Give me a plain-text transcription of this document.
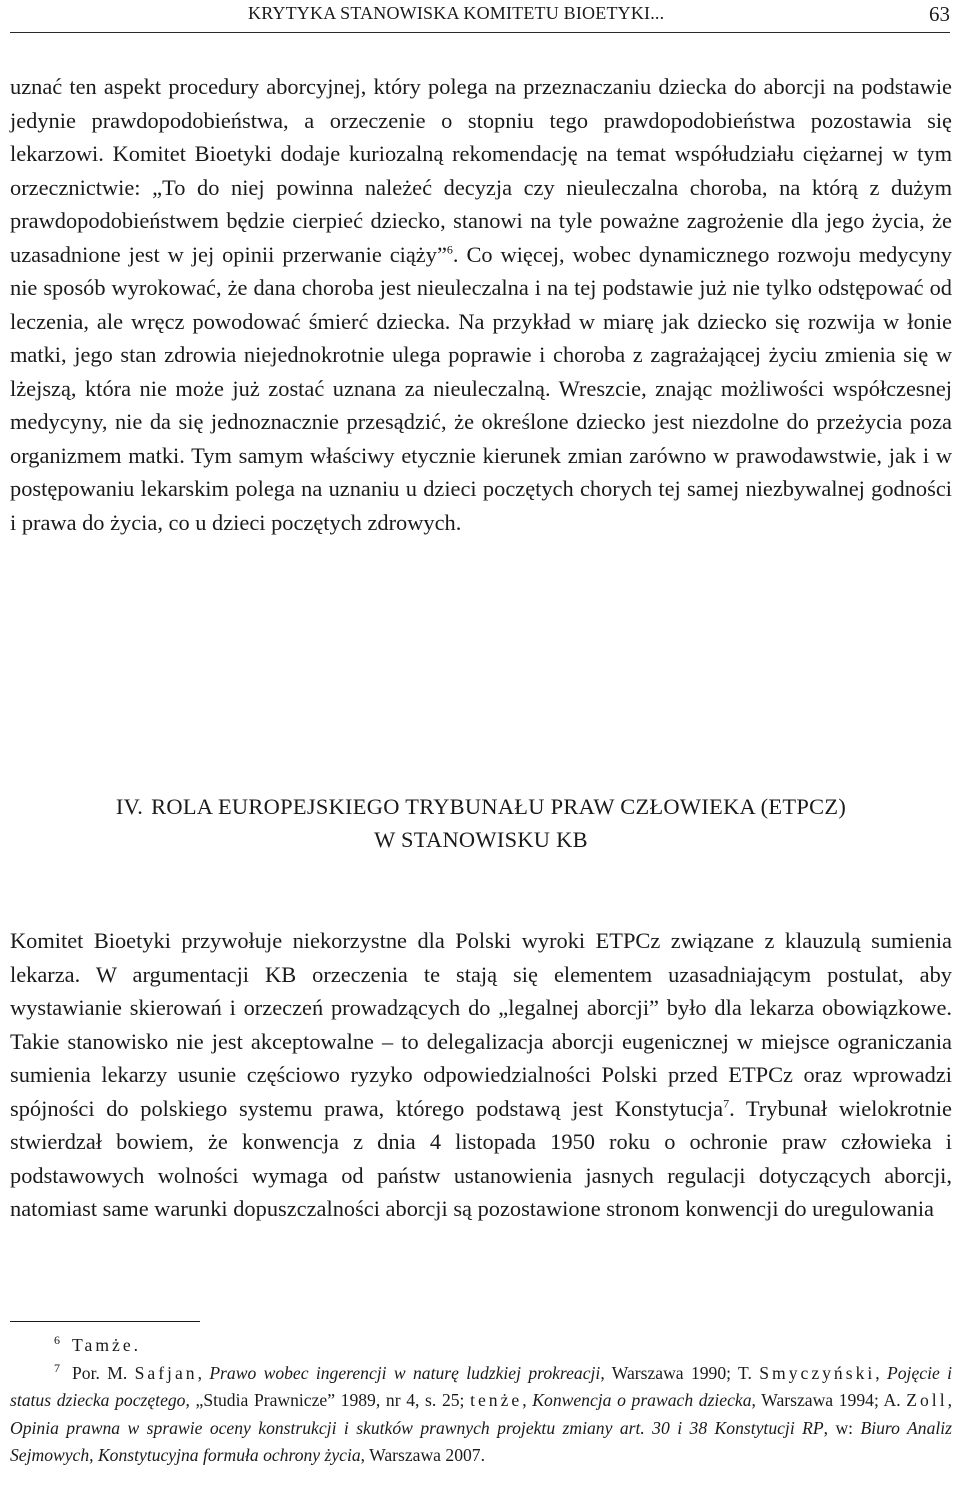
KRYTYKA STANOWISKA KOMITETU BIOETYKI...	63

uznać ten aspekt procedury aborcyjnej, który polega na przeznaczaniu dziecka do aborcji na podstawie jedynie prawdopodobieństwa, a orzeczenie o stopniu tego prawdopodobieństwa pozostawia się lekarzowi. Komitet Bioetyki dodaje kuriozalną rekomendację na temat współudziału ciężarnej w tym orzecznictwie: „To do niej powinna należeć decyzja czy nieuleczalna choroba, na którą z dużym prawdopodobieństwem będzie cierpieć dziecko, stanowi na tyle poważne zagrożenie dla jego życia, że uzasadnione jest w jej opinii przerwanie ciąży”$^6$. Co więcej, wobec dynamicznego rozwoju medycyny nie sposób wyrokować, że dana choroba jest nieuleczalna i na tej podstawie już nie tylko odstępować od leczenia, ale wręcz powodować śmierć dziecka. Na przykład w miarę jak dziecko się rozwija w łonie matki, jego stan zdrowia niejednokrotnie ulega poprawie i choroba z zagrażającej życiu zmienia się w lżejszą, która nie może już zostać uznana za nieuleczalną. Wreszcie, znając możliwości współczesnej medycyny, nie da się jednoznacznie przesądzić, że określone dziecko jest niezdolne do przeżycia poza organizmem matki. Tym samym właściwy etycznie kierunek zmian zarówno w prawodawstwie, jak i w postępowaniu lekarskim polega na uznaniu u dzieci poczętych chorych tej samej niezbywalnej godności i prawa do życia, co u dzieci poczętych zdrowych.

IV. ROLA EUROPEJSKIEGO TRYBUNAŁU PRAW CZŁOWIEKA (ETPCZ)
W STANOWISKU KB

Komitet Bioetyki przywołuje niekorzystne dla Polski wyroki ETPCz związane z klauzulą sumienia lekarza. W argumentacji KB orzeczenia te stają się elementem uzasadniającym postulat, aby wystawianie skierowań i orzeczeń prowadzących do „legalnej aborcji” było dla lekarza obowiązkowe. Takie stanowisko nie jest akceptowalne – to delegalizacja aborcji eugenicznej w miejsce ograniczania sumienia lekarzy usunie częściowo ryzyko odpowiedzialności Polski przed ETPCz oraz wprowadzi spójności do polskiego systemu prawa, którego podstawą jest Konstytucja$^7$. Trybunał wielokrotnie stwierdzał bowiem, że konwencja z dnia 4 listopada 1950 roku o ochronie praw człowieka i podstawowych wolności wymaga od państw ustanowienia jasnych regulacji dotyczących aborcji, natomiast same warunki dopuszczalności aborcji są pozostawione stronom konwencji do uregulowania

$^6$ Tamże.

$^7$ Por. M. Safjan, Prawo wobec ingerencji w naturę ludzkiej prokreacji, Warszawa 1990; T. Smyczyński, Pojęcie i status dziecka poczętego, „Studia Prawnicze” 1989, nr 4, s. 25; tenże, Konwencja o prawach dziecka, Warszawa 1994; A. Zoll, Opinia prawna w sprawie oceny konstrukcji i skutków prawnych projektu zmiany art. 30 i 38 Konstytucji RP, w: Biuro Analiz Sejmowych, Konstytucyjna formuła ochrony życia, Warszawa 2007.
